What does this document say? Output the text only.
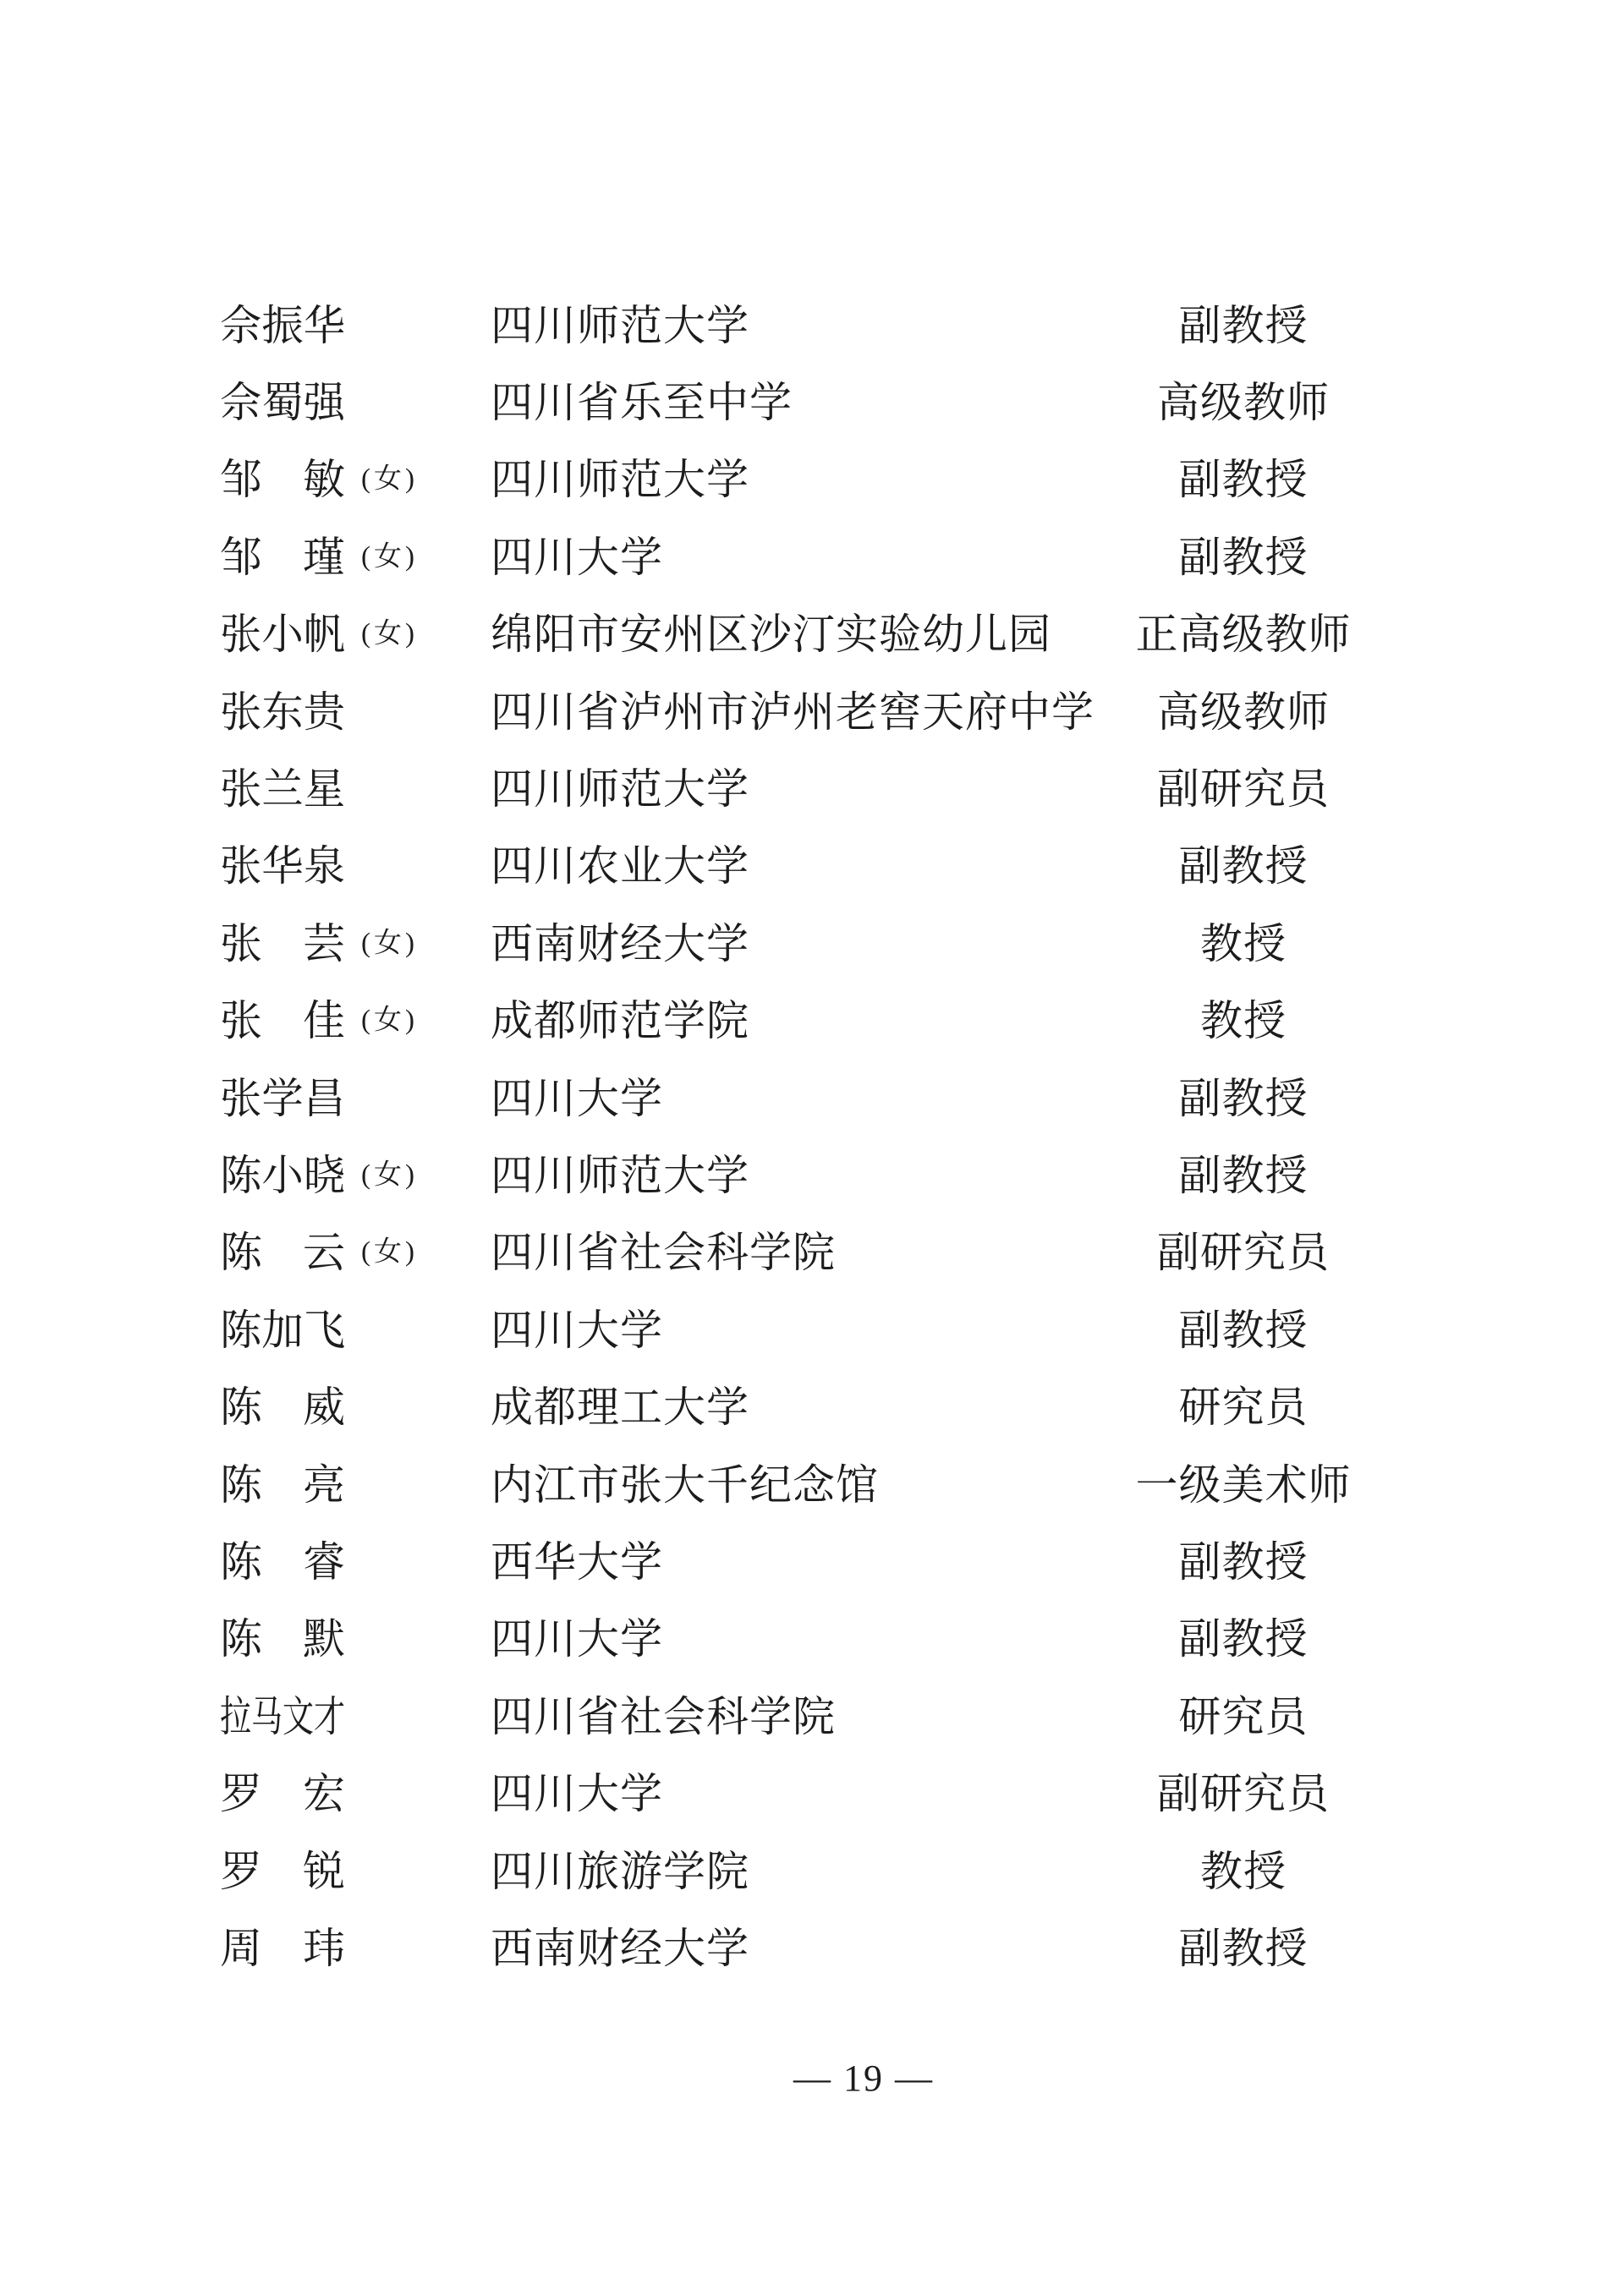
佘 振 华	四川师范大学	副教授
佘 蜀 强	四川省乐至中学	高级教师
邹 敏 (女) 四川师范大学	副教授
邹 瑾 (女) 四川大学	副教授
张 小 帆 (女) 绵阳市安州区沙汀实验幼儿园	正高级教师
张 东 贵	四川省泸州市泸州老窖天府中学	高级教师
张 兰 星	四川师范大学	副研究员
张 华 泉	四川农业大学	副教授
张 芸 (女) 西南财经大学	教授
张 佳 (女) 成都师范学院	教授
张 学 昌	四川大学	副教授
陈 小 晓 (女) 四川师范大学	副教授
陈 云 (女) 四川省社会科学院	副研究员
陈 加 飞	四川大学	副教授
陈 威	成都理工大学	研究员
陈 亮	内江市张大千纪念馆	一级美术师
陈 睿	西华大学	副教授
陈 默	四川大学	副教授
拉 马 文 才	四川省社会科学院	研究员
罗 宏	四川大学	副研究员
罗 锐	四川旅游学院	教授
周 玮	西南财经大学	副教授
— 19 —
